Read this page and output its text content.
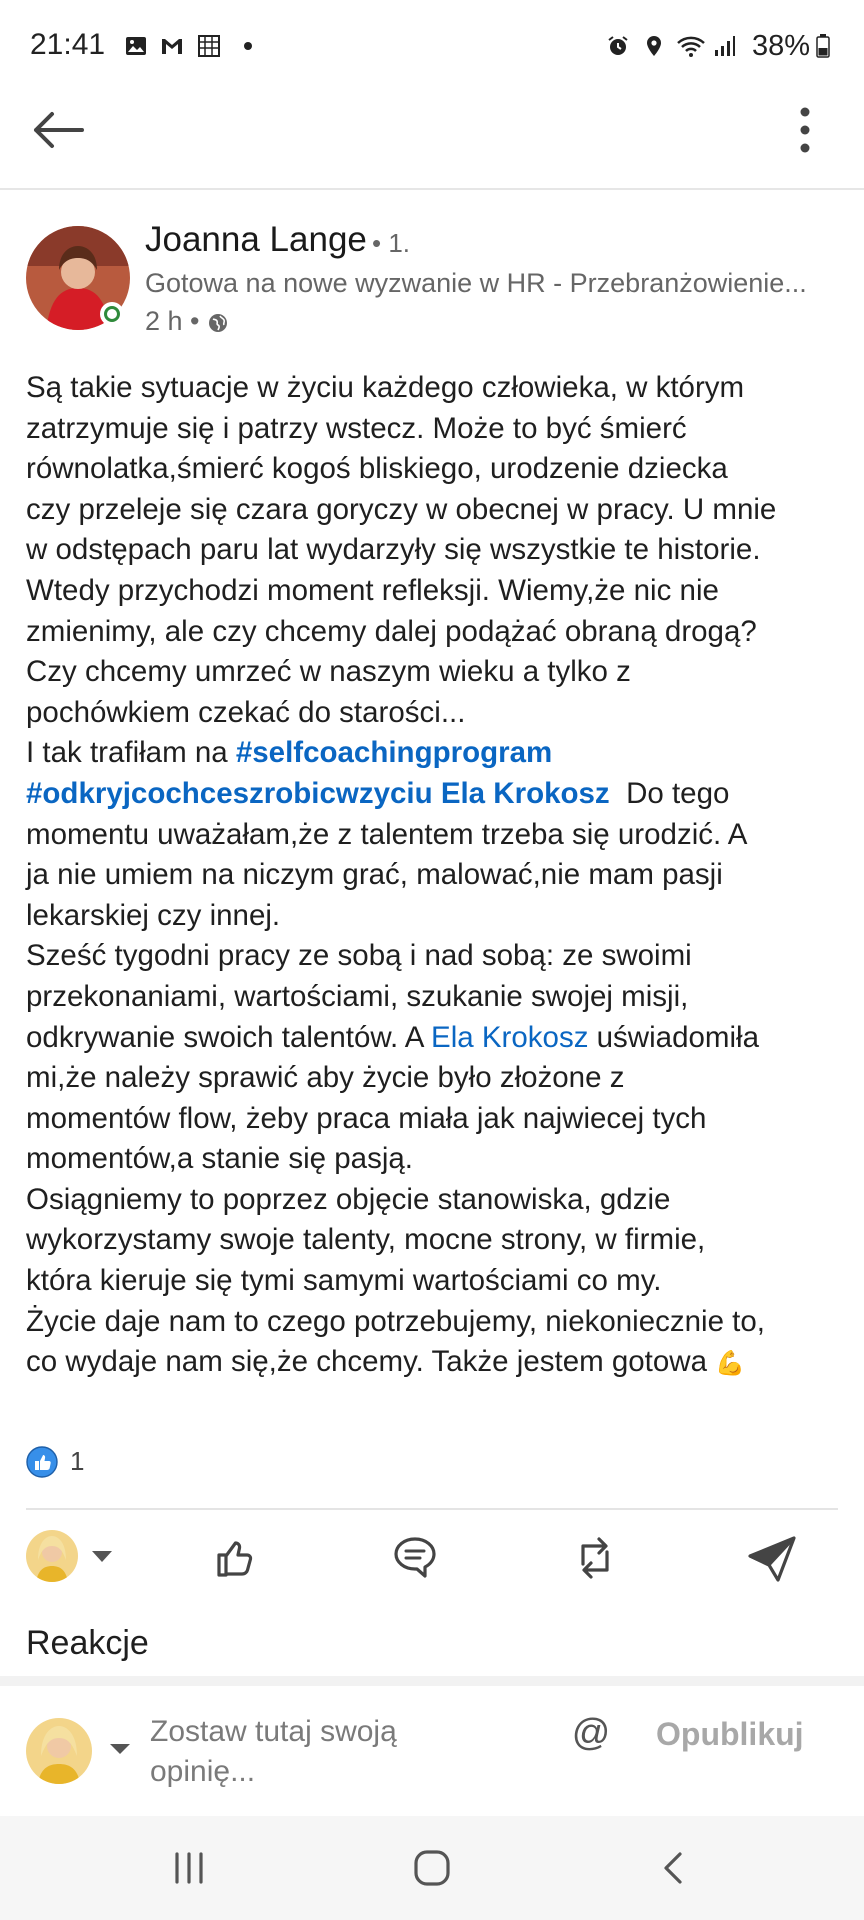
21:41	38%
Joanna Lange • 1.
Gotowa na nowe wyzwanie w HR - Przebranżowienie...
2 h •
Są takie sytuacje w życiu każdego człowieka, w którym
zatrzymuje się i patrzy wstecz. Może to być śmierć
równolatka,śmierć kogoś bliskiego, urodzenie dziecka
czy przeleje się czara goryczy w obecnej w pracy. U mnie
w odstępach paru lat wydarzyły się wszystkie te historie.
Wtedy przychodzi moment refleksji. Wiemy,że nic nie
zmienimy, ale czy chcemy dalej podążać obraną drogą?
Czy chcemy umrzeć w naszym wieku a tylko z
pochówkiem czekać do starości...
I tak trafiłam na #selfcoachingprogram
#odkryjcochceszrobicwzyciu Ela Krokosz  Do tego
momentu uważałam,że z talentem trzeba się urodzić. A
ja nie umiem na niczym grać, malować,nie mam pasji
lekarskiej czy innej.
Sześć tygodni pracy ze sobą i nad sobą: ze swoimi
przekonaniami, wartościami, szukanie swojej misji,
odkrywanie swoich talentów. A Ela Krokosz uświadomiła
mi,że należy sprawić aby życie było złożone z
momentów flow, żeby praca miała jak najwiecej tych
momentów,a stanie się pasją.
Osiągniemy to poprzez objęcie stanowiska, gdzie
wykorzystamy swoje talenty, mocne strony, w firmie,
która kieruje się tymi samymi wartościami co my.
Życie daje nam to czego potrzebujemy, niekoniecznie to,
co wydaje nam się,że chcemy. Także jestem gotowa 💪
1
Reakcje
Zostaw tutaj swoją
opinię...
@ Opublikuj
